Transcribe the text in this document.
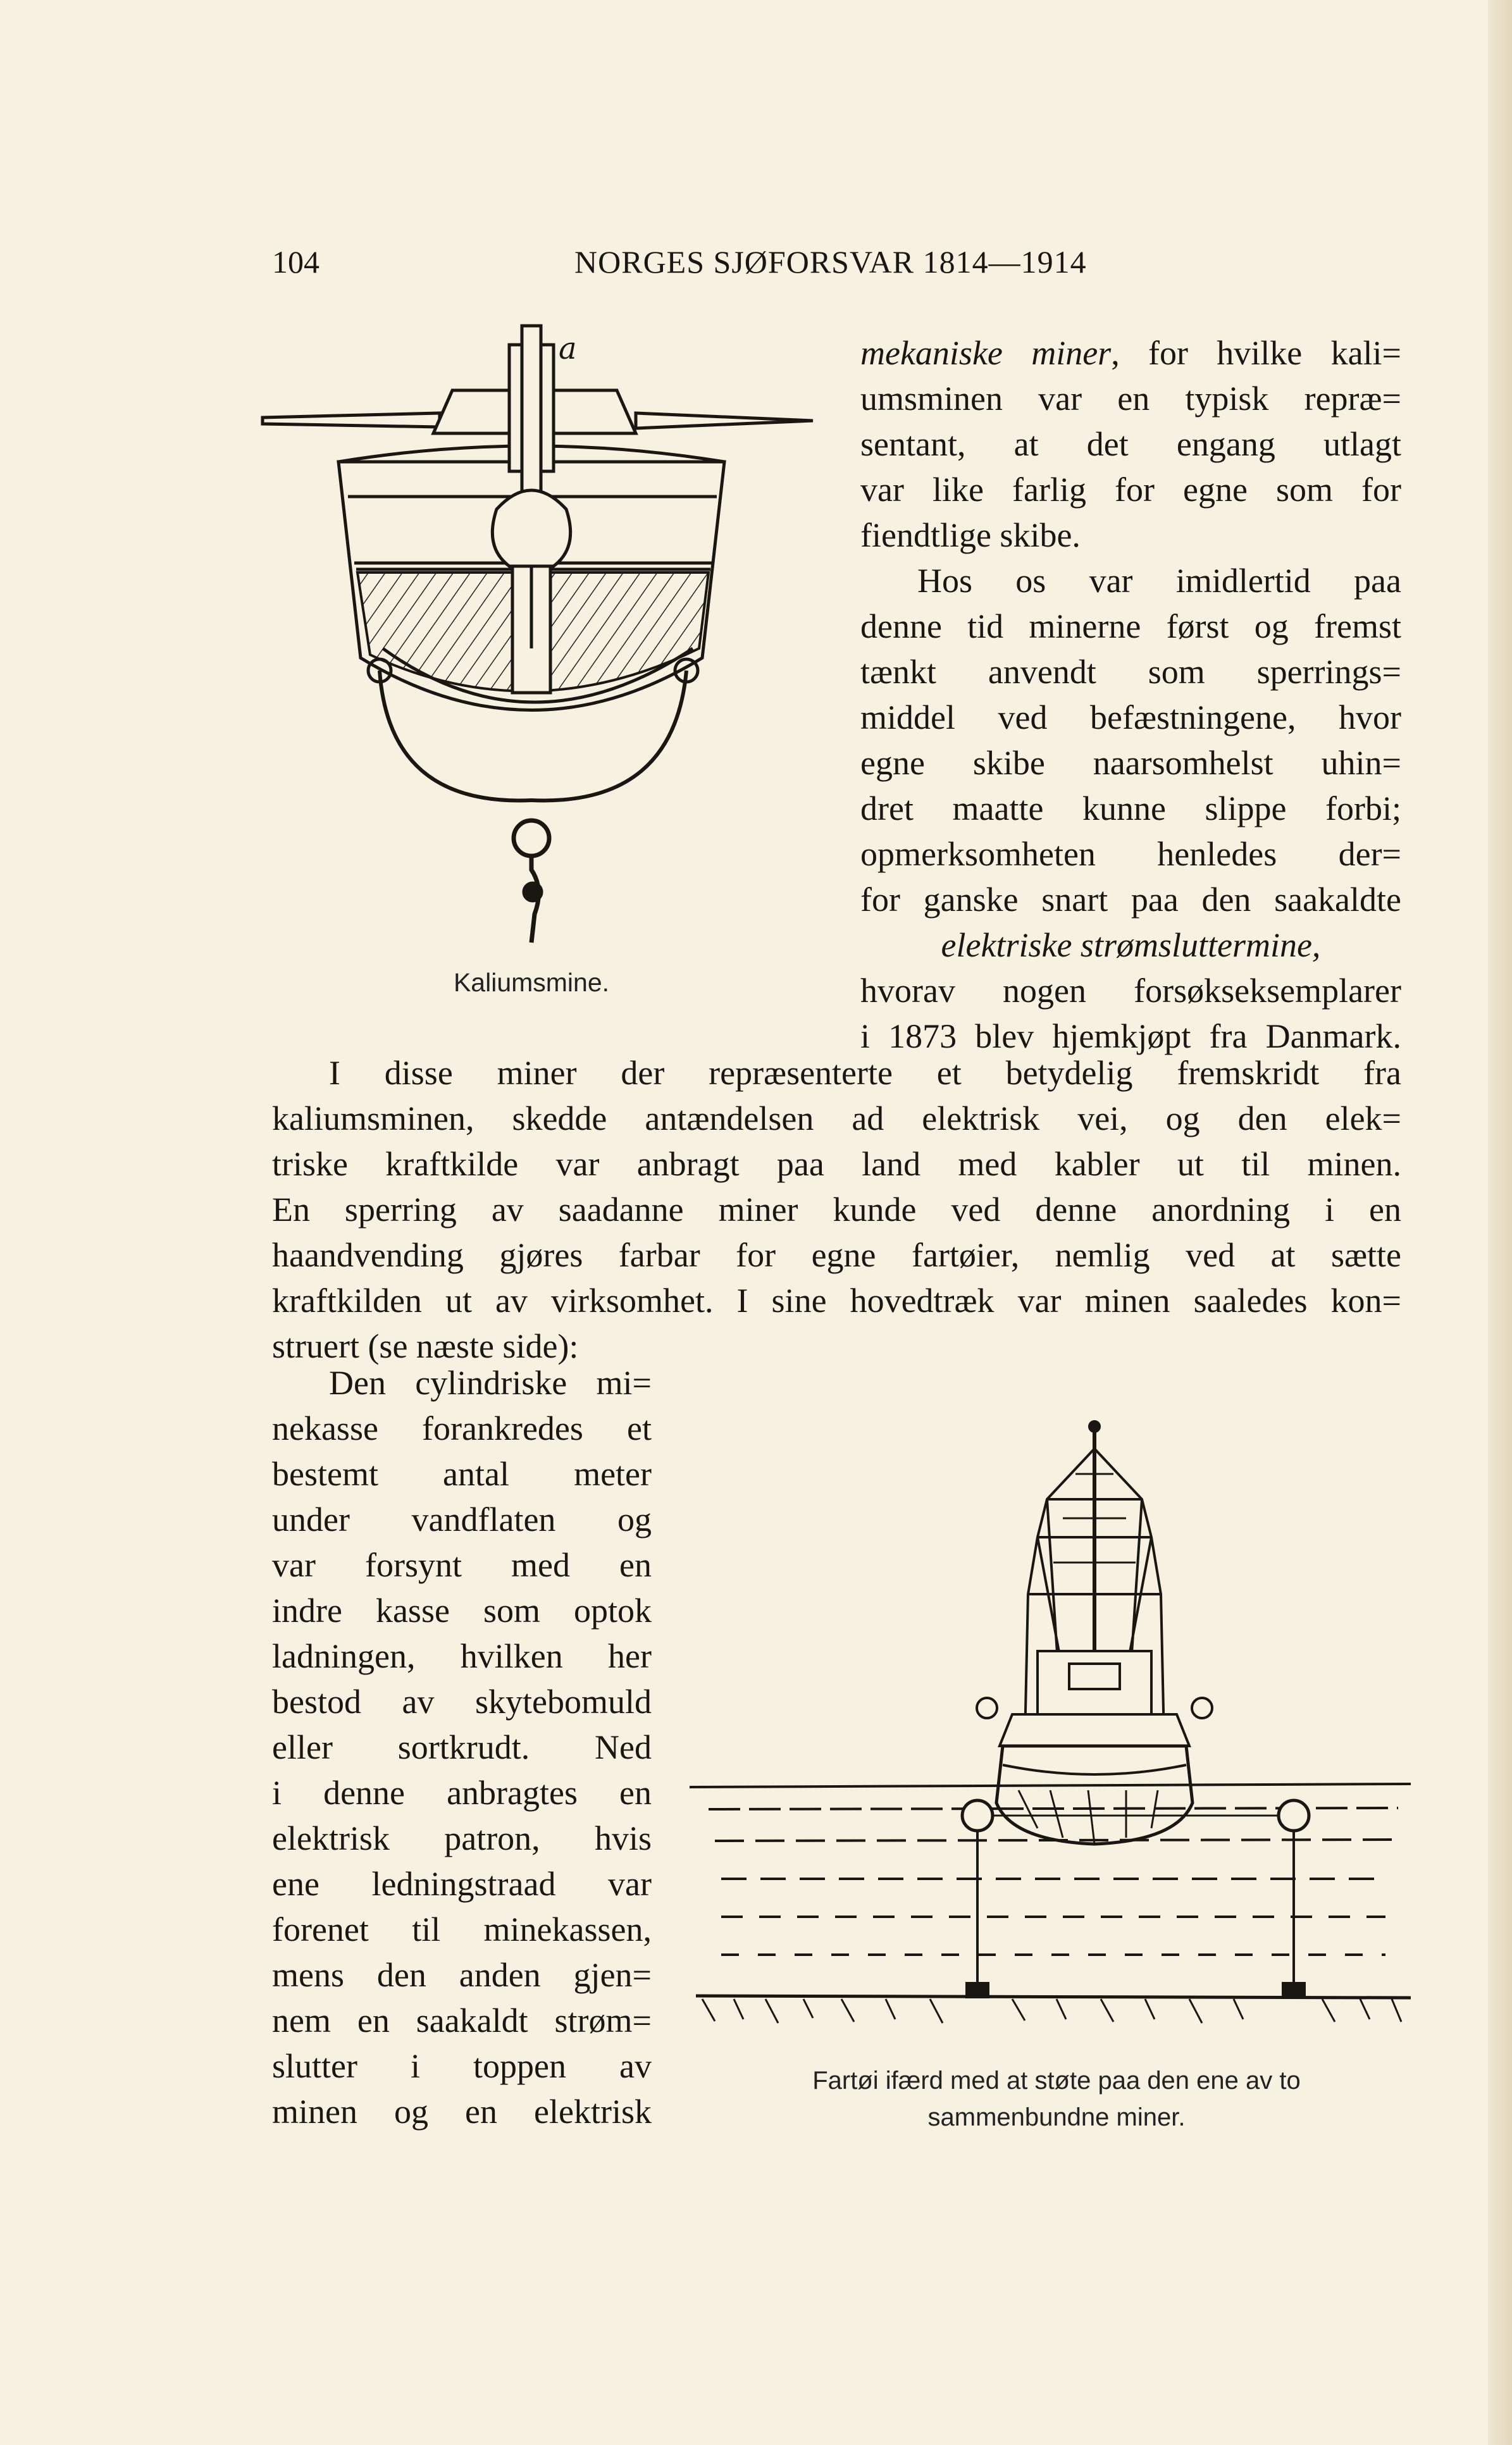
104	NORGES SJØFORSVAR 1814—1914
a
Kaliumsmine.
mekaniske miner, for hvilke kali=
umsminen var en typisk repræ=
sentant, at det engang utlagt
var like farlig for egne som for
fiendtlige skibe.
Hos os var imidlertid paa
denne tid minerne først og fremst
tænkt anvendt som sperrings=
middel ved befæstningene, hvor
egne skibe naarsomhelst uhin=
dret maatte kunne slippe forbi;
opmerksomheten henledes der=
for ganske snart paa den saakaldte
elektriske strømsluttermine,
hvorav nogen forsøkseksemplarer
i 1873 blev hjemkjøpt fra Danmark.
I disse miner der repræsenterte et betydelig fremskridt fra
kaliumsminen, skedde antændelsen ad elektrisk vei, og den elek=
triske kraftkilde var anbragt paa land med kabler ut til minen.
En sperring av saadanne miner kunde ved denne anordning i en
haandvending gjøres farbar for egne fartøier, nemlig ved at sætte
kraftkilden ut av virksomhet. I sine hovedtræk var minen saaledes kon=
struert (se næste side):
Den cylindriske mi=
nekasse forankredes et
bestemt antal meter
under vandflaten og
var forsynt med en
indre kasse som optok
ladningen, hvilken her
bestod av skytebomuld
eller sortkrudt. Ned
i denne anbragtes en
elektrisk patron, hvis
ene ledningstraad var
forenet til minekassen,
mens den anden gjen=
nem en saakaldt strøm=
slutter i toppen av
minen og en elektrisk
Fartøi ifærd med at støte paa den ene av to
sammenbundne miner.
